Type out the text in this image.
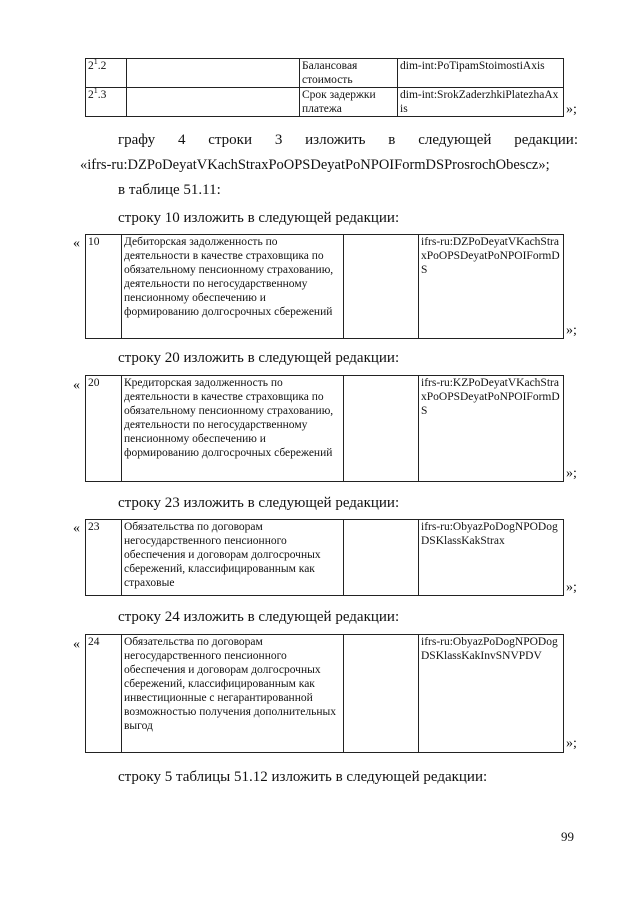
$2^1.2$		Балансовая стоимость	dim-int:PoTipamStoimostiAxis
$2^1.3$		Срок задержки платежа	dim-int:SrokZaderzhkiPlatezhaAxis	»;
графу 4 строки 3 изложить в следующей редакции:
«ifrs-ru:DZPoDeyatVKachStraxPoOPSDeyatPoNPOIFormDSProsrochObescz»;
в таблице 51.11:
строку 10 изложить в следующей редакции:
« 10	Дебиторская задолженность по деятельности в качестве страховщика по обязательному пенсионному страхованию, деятельности по негосударственному пенсионному обеспечению и формированию долгосрочных сбережений		ifrs-ru:DZPoDeyatVKachStraxPoOPSDeyatPoNPOIFormDS
»;
строку 20 изложить в следующей редакции:
« 20	Кредиторская задолженность по деятельности в качестве страховщика по обязательному пенсионному страхованию, деятельности по негосударственному пенсионному обеспечению и формированию долгосрочных сбережений		ifrs-ru:KZPoDeyatVKachStraxPoOPSDeyatPoNPOIFormDS
»;
строку 23 изложить в следующей редакции:
« 23	Обязательства по договорам негосударственного пенсионного обеспечения и договорам долгосрочных сбережений, классифицированным как страховые		ifrs-ru:ObyazPoDogNPODogDSKlassKakStrax
»;
строку 24 изложить в следующей редакции:
« 24	Обязательства по договорам негосударственного пенсионного обеспечения и договорам долгосрочных сбережений, классифицированным как инвестиционные с негарантированной возможностью получения дополнительных выгод		ifrs-ru:ObyazPoDogNPODogDSKlassKakInvSNVPDV
»;
строку 5 таблицы 51.12 изложить в следующей редакции:
99
